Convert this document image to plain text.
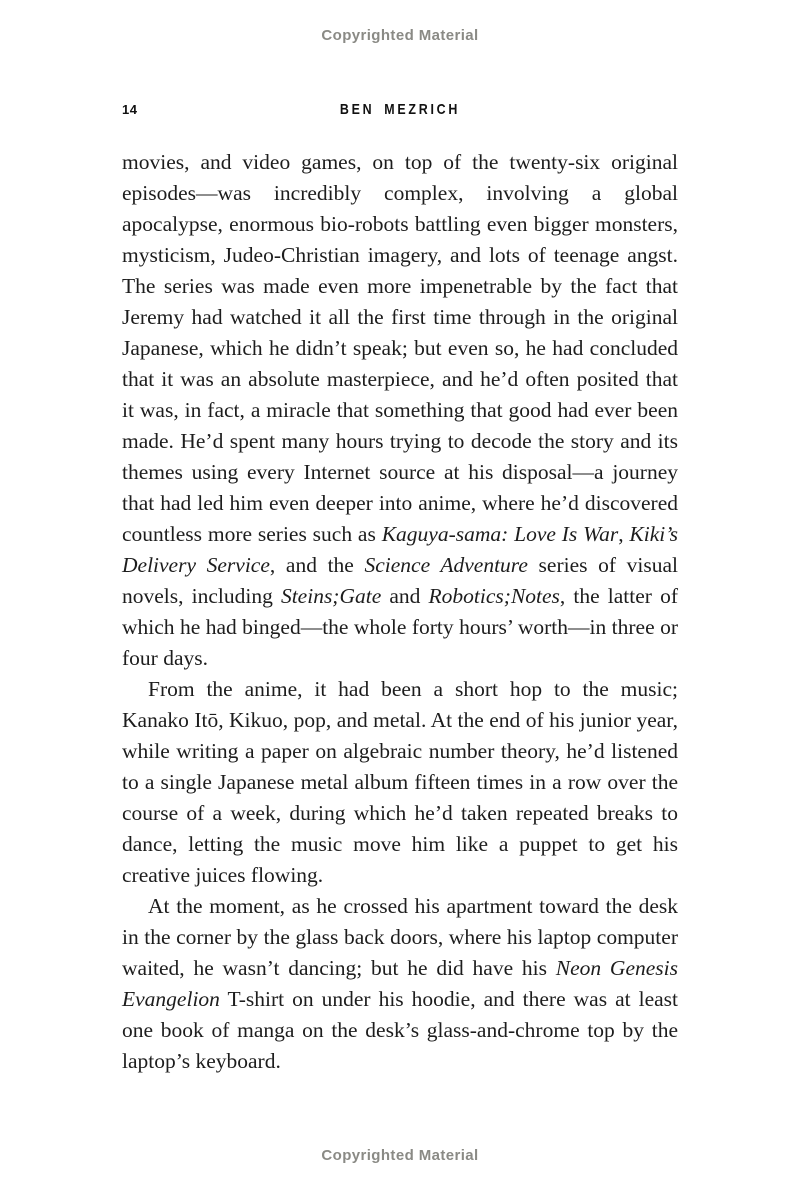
Copyrighted Material
14	BEN MEZRICH

movies, and video games, on top of the twenty-six original episodes—was incredibly complex, involving a global apocalypse, enormous bio-robots battling even bigger monsters, mysticism, Judeo-Christian imagery, and lots of teenage angst. The series was made even more impenetrable by the fact that Jeremy had watched it all the first time through in the original Japanese, which he didn’t speak; but even so, he had concluded that it was an absolute masterpiece, and he’d often posited that it was, in fact, a miracle that something that good had ever been made. He’d spent many hours trying to decode the story and its themes using every Internet source at his disposal—a journey that had led him even deeper into anime, where he’d discovered countless more series such as Kaguya-sama: Love Is War, Kiki’s Delivery Service, and the Science Adventure series of visual novels, including Steins;Gate and Robotics;Notes, the latter of which he had binged—the whole forty hours’ worth—in three or four days.

From the anime, it had been a short hop to the music; Kanako Itō, Kikuo, pop, and metal. At the end of his junior year, while writing a paper on algebraic number theory, he’d listened to a single Japanese metal album fifteen times in a row over the course of a week, during which he’d taken repeated breaks to dance, letting the music move him like a puppet to get his creative juices flowing.

At the moment, as he crossed his apartment toward the desk in the corner by the glass back doors, where his laptop computer waited, he wasn’t dancing; but he did have his Neon Genesis Evangelion T-shirt on under his hoodie, and there was at least one book of manga on the desk’s glass-and-chrome top by the laptop’s keyboard.

Copyrighted Material
